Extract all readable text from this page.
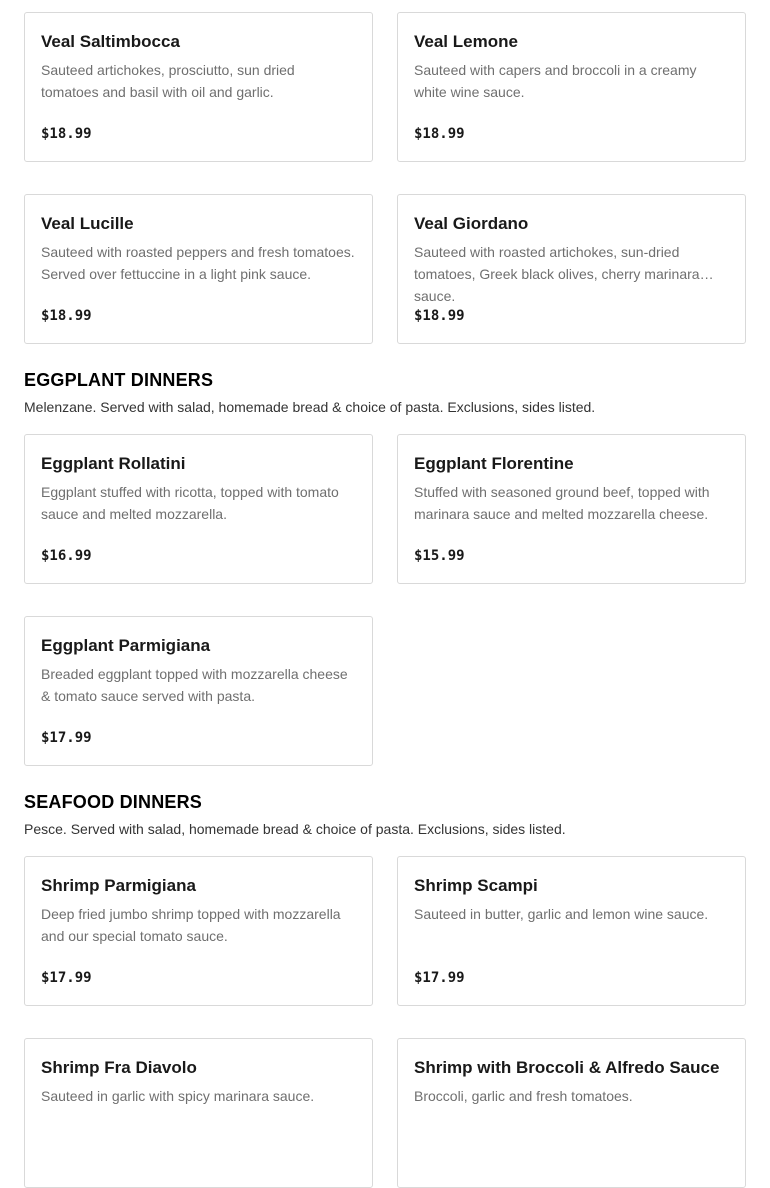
Veal Saltimbocca
Sauteed artichokes, prosciutto, sun dried tomatoes and basil with oil and garlic.
$18.99
Veal Lemone
Sauteed with capers and broccoli in a creamy white wine sauce.
$18.99
Veal Lucille
Sauteed with roasted peppers and fresh tomatoes. Served over fettuccine in a light pink sauce.
$18.99
Veal Giordano
Sauteed with roasted artichokes, sun-dried tomatoes, Greek black olives, cherry marinara sauce.
$18.99
EGGPLANT DINNERS
Melenzane. Served with salad, homemade bread & choice of pasta. Exclusions, sides listed.
Eggplant Rollatini
Eggplant stuffed with ricotta, topped with tomato sauce and melted mozzarella.
$16.99
Eggplant Florentine
Stuffed with seasoned ground beef, topped with marinara sauce and melted mozzarella cheese.
$15.99
Eggplant Parmigiana
Breaded eggplant topped with mozzarella cheese & tomato sauce served with pasta.
$17.99
SEAFOOD DINNERS
Pesce. Served with salad, homemade bread & choice of pasta. Exclusions, sides listed.
Shrimp Parmigiana
Deep fried jumbo shrimp topped with mozzarella and our special tomato sauce.
$17.99
Shrimp Scampi
Sauteed in butter, garlic and lemon wine sauce.
$17.99
Shrimp Fra Diavolo
Sauteed in garlic with spicy marinara sauce.
Shrimp with Broccoli & Alfredo Sauce
Broccoli, garlic and fresh tomatoes.
